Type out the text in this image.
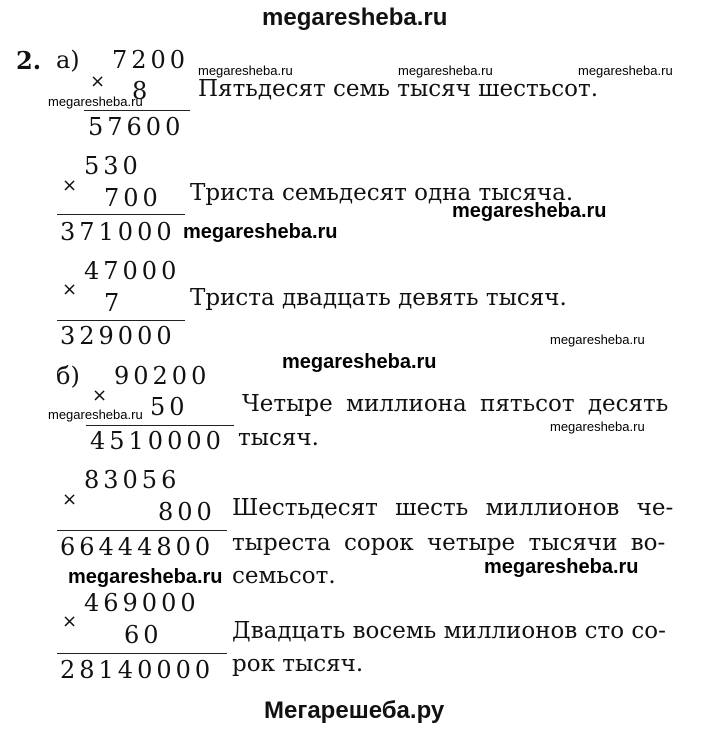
megaresheba.ru
2. а)
б)
7200
× 8
57600
Пятьдесят семь тысяч шестьсот.
530
× 700
371000
Триста семьдесят одна тысяча.
47000
× 7
329000
Триста двадцать девять тысяч.
90200
× 50
4510000
Четыре миллиона пятьсот десять
тысяч.
83056
×	800
66444800
Шестьдесят шесть миллионов че-
тыреста сорок четыре тысячи во-
семьсот.
469000
× 60
28140000
Двадцать восемь миллионов сто со-
рок тысяч.
megaresheba.ru	megaresheba.ru	megaresheba.ru
megaresheba.ru
megaresheba.ru
megaresheba.ru
megaresheba.ru
megaresheba.ru
megaresheba.ru
megaresheba.ru
megaresheba.ru
megaresheba.ru
Мегарешеба.ру
